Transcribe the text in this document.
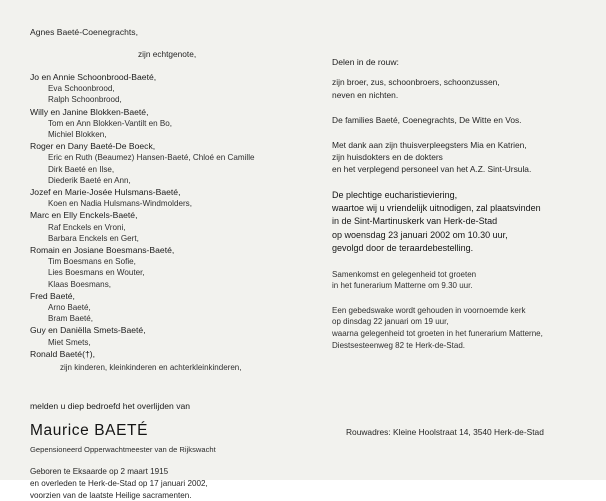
Agnes Baeté-Coenegrachts,
zijn echtgenote,
Jo en Annie Schoonbrood-Baeté,
Eva Schoonbrood,
Ralph Schoonbrood,
Willy en Janine Blokken-Baeté,
Tom en Ann Blokken-Vantilt en Bo,
Michiel Blokken,
Roger en Dany Baeté-De Boeck,
Eric en Ruth (Beaumez) Hansen-Baeté, Chloé en Camille
Dirk Baeté en Ilse,
Diederik Baeté en Ann,
Jozef en Marie-Josée Hulsmans-Baeté,
Koen en Nadia Hulsmans-Windmolders,
Marc en Elly Enckels-Baeté,
Raf Enckels en Vroni,
Barbara Enckels en Gert,
Romain en Josiane Boesmans-Baeté,
Tim Boesmans en Sofie,
Lies Boesmans en Wouter,
Klaas Boesmans,
Fred Baeté,
Arno Baeté,
Bram Baeté,
Guy en Daniëlla Smets-Baeté,
Miet Smets,
Ronald Baeté(†),
zijn kinderen, kleinkinderen en achterkleinkinderen,
melden u diep bedroefd het overlijden van
Maurice BAETÉ
Gepensioneerd Opperwachtmeester van de Rijkswacht
Geboren te Eksaarde op 2 maart 1915
en overleden te Herk-de-Stad op 17 januari 2002,
voorzien van de laatste Heilige sacramenten.
Delen in de rouw:
zijn broer, zus, schoonbroers, schoonzussen,
neven en nichten.
De families Baeté, Coenegrachts, De Witte en Vos.
Met dank aan zijn thuisverpleegsters Mia en Katrien,
zijn huisdokters en de dokters
en het verplegend personeel van het A.Z. Sint-Ursula.
De plechtige eucharistieviering,
waartoe wij u vriendelijk uitnodigen, zal plaatsvinden
in de Sint-Martinuskerk van Herk-de-Stad
op woensdag 23 januari 2002 om 10.30 uur,
gevolgd door de teraardebestelling.
Samenkomst en gelegenheid tot groeten
in het funerarium Matterne om 9.30 uur.
Een gebedswake wordt gehouden in voornoemde kerk
op dinsdag 22 januari om 19 uur,
waarna gelegenheid tot groeten in het funerarium Matterne,
Diestsesteenweg 82 te Herk-de-Stad.
Rouwadres: Kleine Hoolstraat 14, 3540 Herk-de-Stad
